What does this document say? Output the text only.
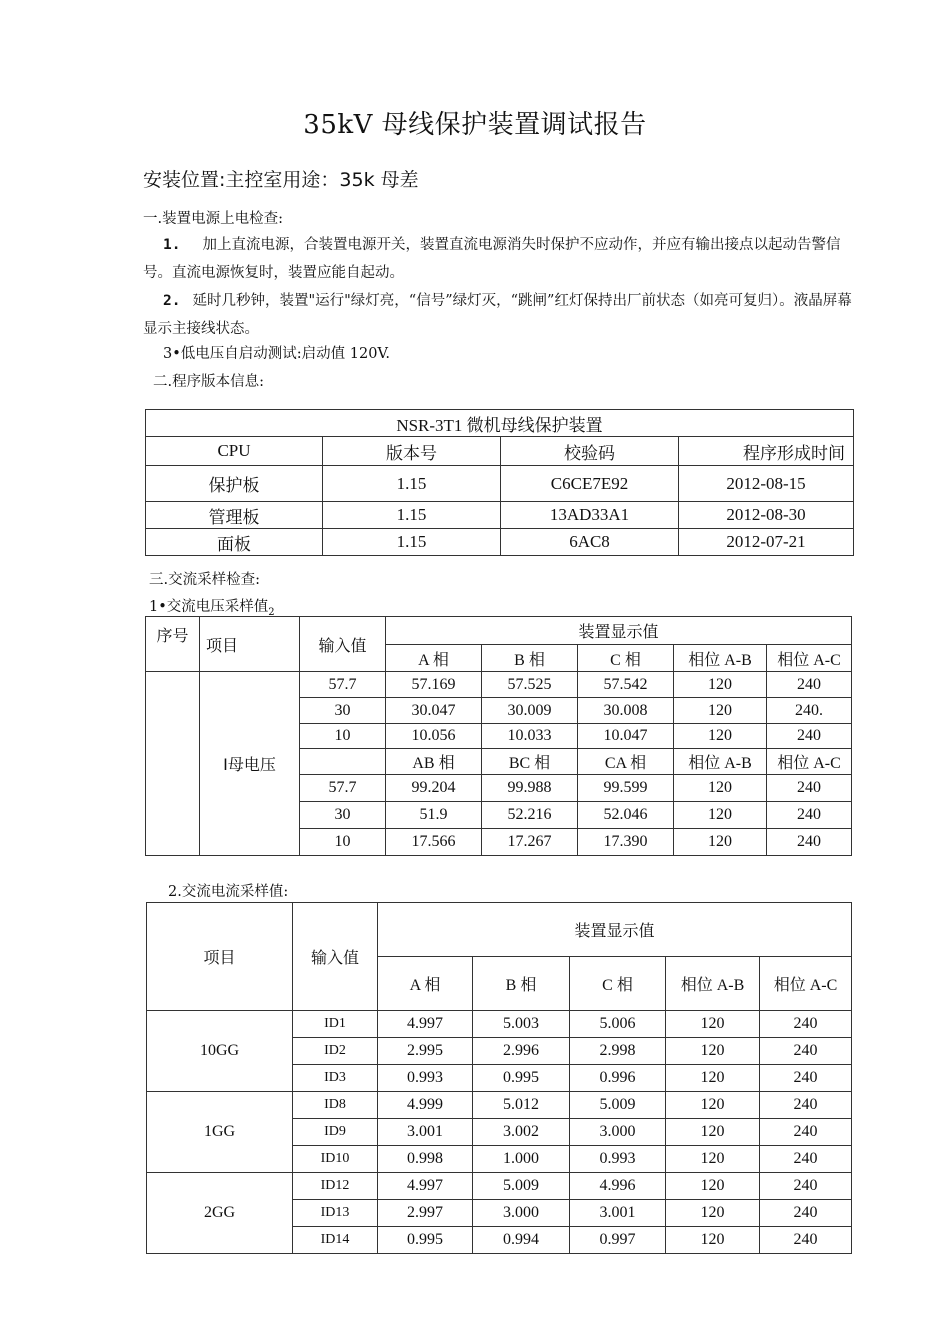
35kV 母线保护装置调试报告
安装位置:主控室用途：35k 母差
一.装置电源上电检查:
1. 加上直流电源，合装置电源开关，装置直流电源消失时保护不应动作，并应有输出接点以起动告警信号。直流电源恢复时，装置应能自起动。
2. 延时几秒钟，装置"运行"绿灯亮，“信号”绿灯灭，“跳闸”红灯保持出厂前状态（如亮可复归）。液晶屏幕显示主接线状态。
3•低电压自启动测试:启动值 120V.
二.程序版本信息:
NSR-3T1 微机母线保护装置			
CPU	版本号	校验码	程序形成时间
保护板	1.15	C6CE7E92	2012-08-15
管理板	1.15	13AD33A1	2012-08-30
面板	1.15	6AC8	2012-07-21
三.交流采样检查:
1•交流电压采样值$_2$
序号	项目	输入值	装置显示值				
			A 相	B 相	C 相	相位 A-B	相位 A-C
	Ⅰ母电压	57.7	57.169	57.525	57.542	120	240
		30	30.047	30.009	30.008	120	240.
		10	10.056	10.033	10.047	120	240
			AB 相	BC 相	CA 相	相位 A-B	相位 A-C
		57.7	99.204	99.988	99.599	120	240
		30	51.9	52.216	52.046	120	240
		10	17.566	17.267	17.390	120	240
2.交流电流采样值:
项目	输入值	装置显示值				
		A 相	B 相	C 相	相位 A-B	相位 A-C
10GG	ID1	4.997	5.003	5.006	120	240
	ID2	2.995	2.996	2.998	120	240
	ID3	0.993	0.995	0.996	120	240
1GG	ID8	4.999	5.012	5.009	120	240
	ID9	3.001	3.002	3.000	120	240
	ID10	0.998	1.000	0.993	120	240
2GG	ID12	4.997	5.009	4.996	120	240
	ID13	2.997	3.000	3.001	120	240
	ID14	0.995	0.994	0.997	120	240
